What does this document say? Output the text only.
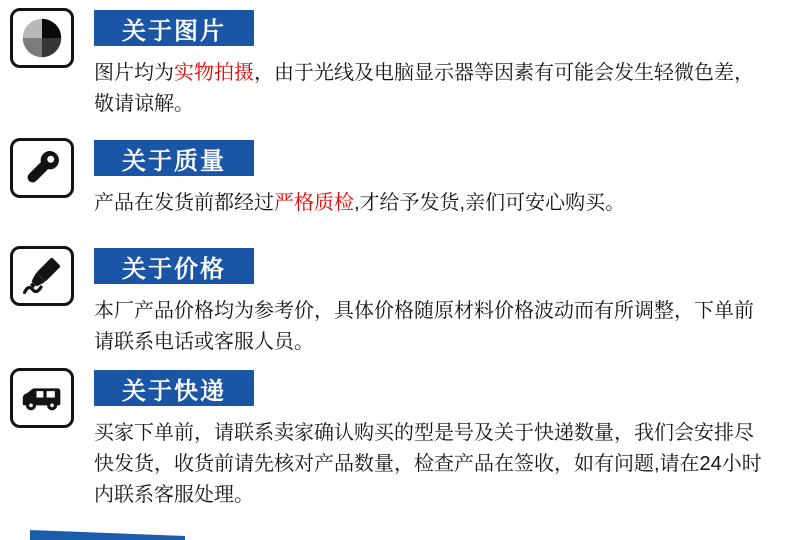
关于图片
图片均为实物拍摄，由于光线及电脑显示器等因素有可能会发生轻微色差，
敬请谅解。
关于质量
产品在发货前都经过严格质检,才给予发货,亲们可安心购买。
关于价格
本厂产品价格均为参考价，具体价格随原材料价格波动而有所调整，下单前
请联系电话或客服人员。
关于快递
买家下单前，请联系卖家确认购买的型是号及关于快递数量，我们会安排尽
快发货，收货前请先核对产品数量，检查产品在签收，如有问题,请在24小时
内联系客服处理。
